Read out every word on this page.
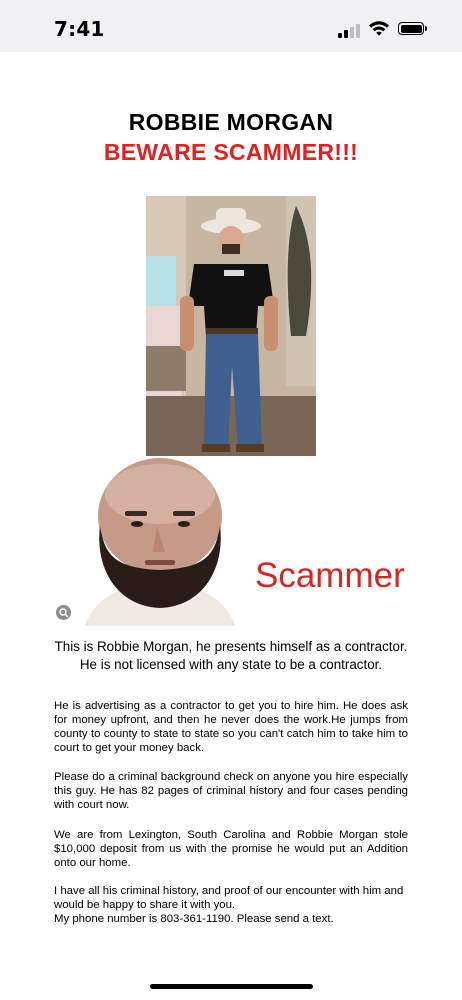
7:41
ROBBIE MORGAN
BEWARE SCAMMER!!!
Scammer
This is Robbie Morgan, he presents himself as a contractor.
He is not licensed with any state to be a contractor.
He is advertising as a contractor to get you to hire him. He does ask for money upfront, and then he never does the work.He jumps from county to county to state to state so you can't catch him to take him to court to get your money back.
Please do a criminal background check on anyone you hire especially this guy. He has 82 pages of criminal history and four cases pending with court now.
We are from Lexington, South Carolina and Robbie Morgan stole $10,000 deposit from us with the promise he would put an Addition onto our home.
I have all his criminal history, and proof of our encounter with him and would be happy to share it with you.
My phone number is 803-361-1190. Please send a text.
